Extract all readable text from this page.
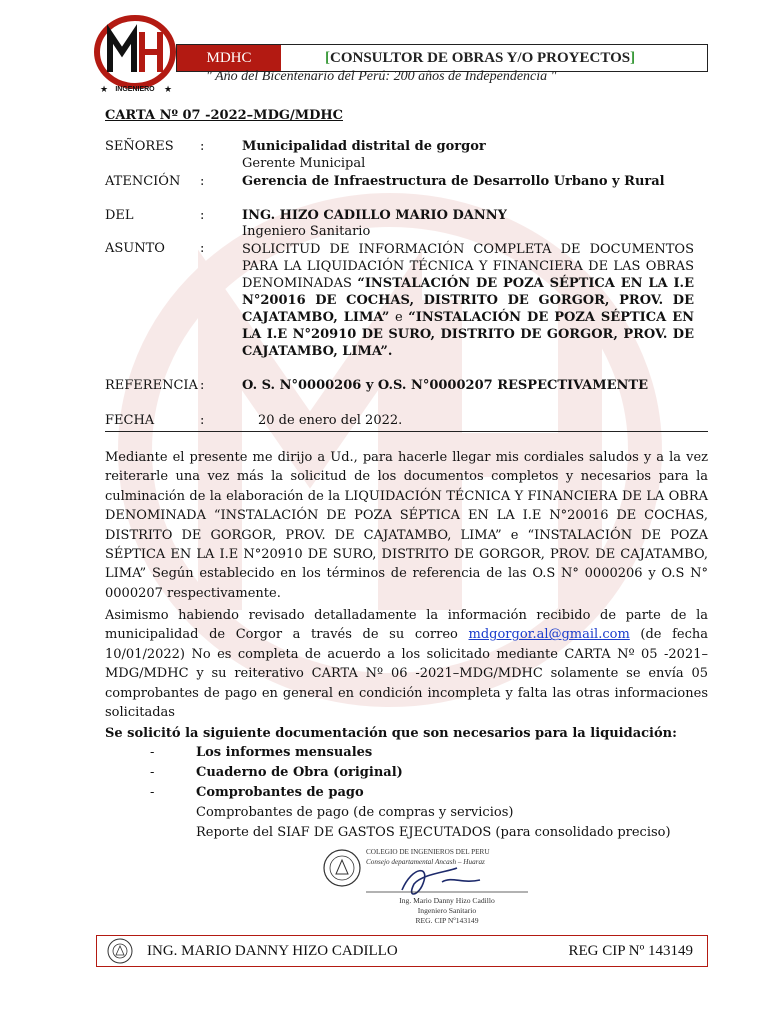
INGENIERO
★	★
MDHC	[CONSULTOR DE OBRAS Y/O PROYECTOS]
" Año del Bicentenario del Perú: 200 años de Independencia "
CARTA Nº 07 -2022–MDG/MDHC
SEÑORES :	Municipalidad distrital de gorgor
Gerente Municipal
ATENCIÓN :	Gerencia de Infraestructura de Desarrollo Urbano y Rural
DEL	:	ING. HIZO CADILLO MARIO DANNY
Ingeniero Sanitario
ASUNTO	:	SOLICITUD DE INFORMACIÓN COMPLETA DE DOCUMENTOS PARA LA LIQUIDACIÓN TÉCNICA Y FINANCIERA DE LAS OBRAS DENOMINADAS “INSTALACIÓN DE POZA SÉPTICA EN LA I.E N°20016 DE COCHAS, DISTRITO DE GORGOR, PROV. DE CAJATAMBO, LIMA” e “INSTALACIÓN DE POZA SÉPTICA EN LA I.E N°20910 DE SURO, DISTRITO DE GORGOR, PROV. DE CAJATAMBO, LIMA”.
REFERENCIA :	O. S. N°0000206 y O.S. N°0000207 RESPECTIVAMENTE
FECHA	:	20 de enero del 2022.
Mediante el presente me dirijo a Ud., para hacerle llegar mis cordiales saludos y a la vez reiterarle una vez más la solicitud de los documentos completos y necesarios para la culminación de la elaboración de la LIQUIDACIÓN TÉCNICA Y FINANCIERA DE LA OBRA DENOMINADA “INSTALACIÓN DE POZA SÉPTICA EN LA I.E N°20016 DE COCHAS, DISTRITO DE GORGOR, PROV. DE CAJATAMBO, LIMA” e “INSTALACIÓN DE POZA SÉPTICA EN LA I.E N°20910 DE SURO, DISTRITO DE GORGOR, PROV. DE CAJATAMBO, LIMA” Según establecido en los términos de referencia de las O.S N° 0000206 y O.S N° 0000207 respectivamente.
Asimismo habiendo revisado detalladamente la información recibido de parte de la municipalidad de Corgor a través de su correo mdgorgor.al@gmail.com (de fecha 10/01/2022) No es completa de acuerdo a los solicitado mediante CARTA Nº 05 -2021–MDG/MDHC y su reiterativo CARTA Nº 06 -2021–MDG/MDHC solamente se envía 05 comprobantes de pago en general en condición incompleta y falta las otras informaciones solicitadas
Se solicitó la siguiente documentación que son necesarios para la liquidación:
-	Los informes mensuales
-	Cuaderno de Obra (original)
-	Comprobantes de pago
Comprobantes de pago (de compras y servicios)
Reporte del SIAF DE GASTOS EJECUTADOS (para consolidado preciso)
COLEGIO DE INGENIEROS DEL PERU
Consejo departamental Ancash – Huaraz
Ing. Mario Danny Hizo Cadillo
Ingeniero Sanitario
REG. CIP Nº143149
ING. MARIO DANNY HIZO CADILLO	REG CIP Nº 143149
